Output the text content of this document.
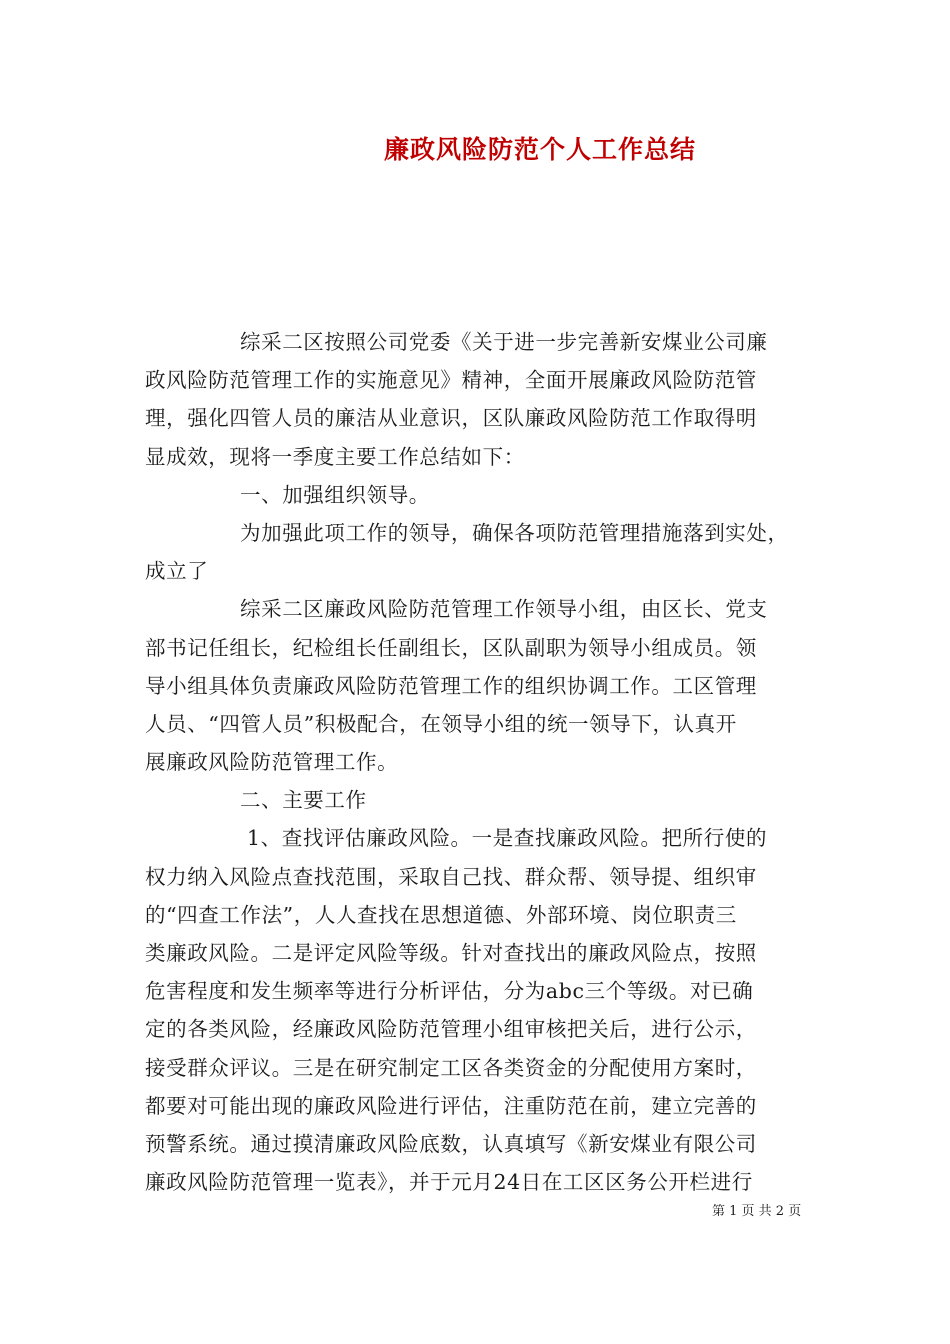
廉政风险防范个人工作总结
综采二区按照公司党委《关于进一步完善新安煤业公司廉
政风险防范管理工作的实施意见》精神，全面开展廉政风险防范管
理，强化四管人员的廉洁从业意识，区队廉政风险防范工作取得明
显成效，现将一季度主要工作总结如下：
一、加强组织领导。
为加强此项工作的领导，确保各项防范管理措施落到实处，
成立了
综采二区廉政风险防范管理工作领导小组，由区长、党支
部书记任组长，纪检组长任副组长，区队副职为领导小组成员。领
导小组具体负责廉政风险防范管理工作的组织协调工作。工区管理
人员、“四管人员”积极配合，在领导小组的统一领导下，认真开
展廉政风险防范管理工作。
二、主要工作
1、查找评估廉政风险。一是查找廉政风险。把所行使的
权力纳入风险点查找范围，采取自己找、群众帮、领导提、组织审
的“四查工作法”，人人查找在思想道德、外部环境、岗位职责三
类廉政风险。二是评定风险等级。针对查找出的廉政风险点，按照
危害程度和发生频率等进行分析评估，分为abc三个等级。对已确
定的各类风险，经廉政风险防范管理小组审核把关后，进行公示，
接受群众评议。三是在研究制定工区各类资金的分配使用方案时，
都要对可能出现的廉政风险进行评估，注重防范在前，建立完善的
预警系统。通过摸清廉政风险底数，认真填写《新安煤业有限公司
廉政风险防范管理一览表》，并于元月24日在工区区务公开栏进行
第 1 页 共 2 页
